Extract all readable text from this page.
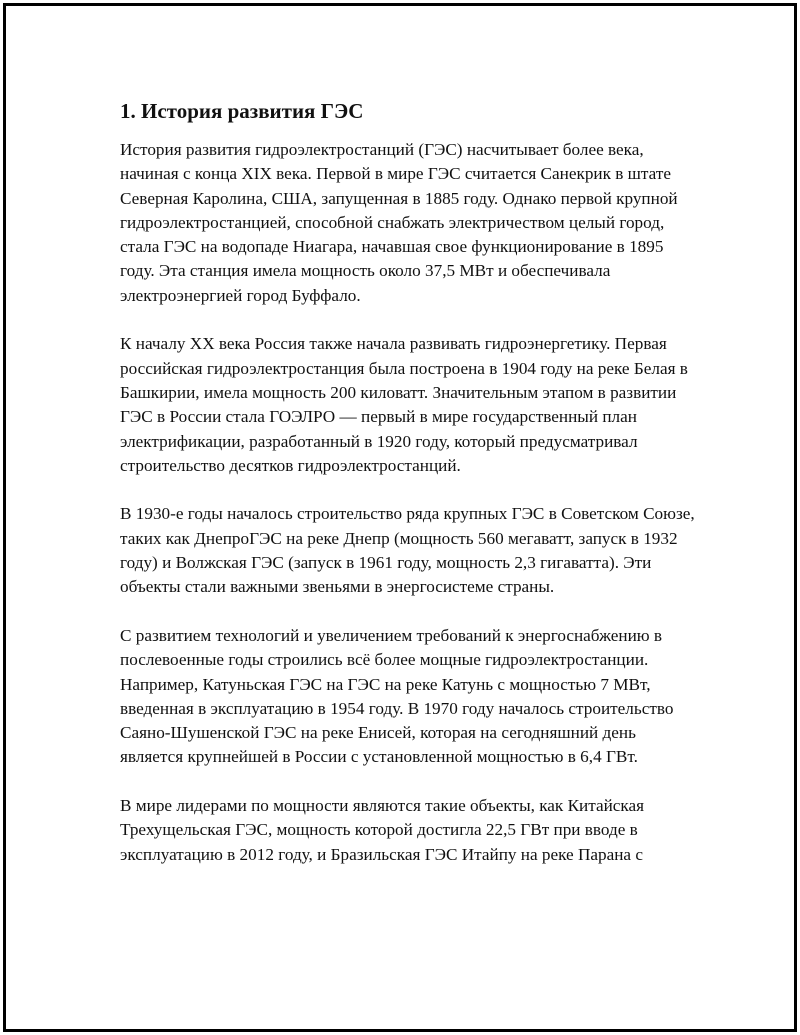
1. История развития ГЭС

История развития гидроэлектростанций (ГЭС) насчитывает более века, начиная с конца XIX века. Первой в мире ГЭС считается Санекрик в штате Северная Каролина, США, запущенная в 1885 году. Однако первой крупной гидроэлектростанцией, способной снабжать электричеством целый город, стала ГЭС на водопаде Ниагара, начавшая свое функционирование в 1895 году. Эта станция имела мощность около 37,5 МВт и обеспечивала электроэнергией город Буффало.

К началу XX века Россия также начала развивать гидроэнергетику. Первая российская гидроэлектростанция была построена в 1904 году на реке Белая в Башкирии, имела мощность 200 киловатт. Значительным этапом в развитии ГЭС в России стала ГОЭЛРО — первый в мире государственный план электрификации, разработанный в 1920 году, который предусматривал строительство десятков гидроэлектростанций.

В 1930-е годы началось строительство ряда крупных ГЭС в Советском Союзе, таких как ДнепроГЭС на реке Днепр (мощность 560 мегаватт, запуск в 1932 году) и Волжская ГЭС (запуск в 1961 году, мощность 2,3 гигаватта). Эти объекты стали важными звеньями в энергосистеме страны.

С развитием технологий и увеличением требований к энергоснабжению в послевоенные годы строились всё более мощные гидроэлектростанции. Например, Катуньская ГЭС на ГЭС на реке Катунь с мощностью 7 МВт, введенная в эксплуатацию в 1954 году. В 1970 году началось строительство Саяно-Шушенской ГЭС на реке Енисей, которая на сегодняшний день является крупнейшей в России с установленной мощностью в 6,4 ГВт.

В мире лидерами по мощности являются такие объекты, как Китайская Трехущельская ГЭС, мощность которой достигла 22,5 ГВт при вводе в эксплуатацию в 2012 году, и Бразильская ГЭС Итайпу на реке Парана с
